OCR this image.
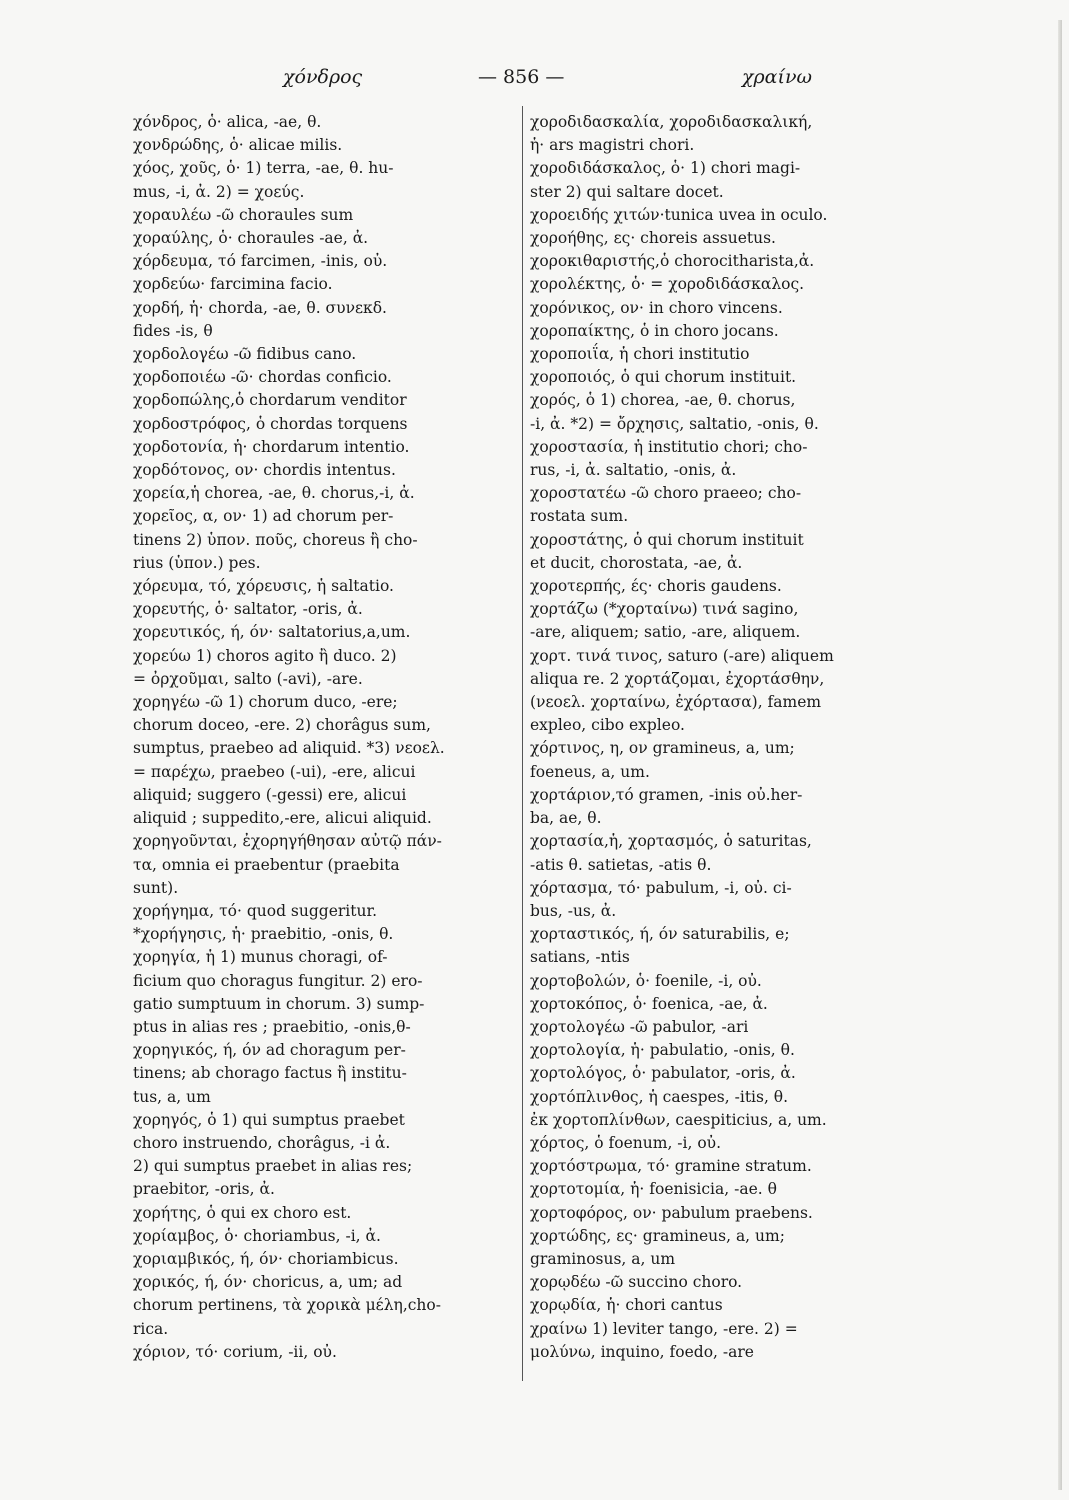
χόνδρος	— 856 —	χραίνω
χόνδρος, ὁ· alica, -ae, θ.
χονδρώδης, ὁ· alicae milis.
χόος, χοῦς, ὁ· 1) terra, -ae, θ. hu-
mus, -i, ἀ. 2) = χοεύς.
χοραυλέω -ῶ choraules sum
χοραύλης, ὁ· choraules -ae, ἀ.
χόρδευμα, τό farcimen, -inis, οὐ.
χορδεύω· farcimina facio.
χορδή, ἡ· chorda, -ae, θ. συνεκδ.
fides -is, θ
χορδολογέω -ῶ fidibus cano.
χορδοποιέω -ῶ· chordas conficio.
χορδοπώλης,ὁ chordarum venditor
χορδοστρόφος, ὁ chordas torquens
χορδοτονία, ἡ· chordarum intentio.
χορδότονος, ον· chordis intentus.
χορεία,ἡ chorea, -ae, θ. chorus,-i, ἀ.
χορεῖος, α, ον· 1) ad chorum per-
tinens 2) ὑπον. ποῦς, choreus ἢ cho-
rius (ὑπον.) pes.
χόρευμα, τό, χόρευσις, ἡ saltatio.
χορευτής, ὁ· saltator, -oris, ἀ.
χορευτικός, ή, όν· saltatorius,a,um.
χορεύω 1) choros agito ἢ duco. 2)
= ὀρχοῦμαι, salto (-avi), -are.
χορηγέω -ῶ 1) chorum duco, -ere;
chorum doceo, -ere. 2) chorâgus sum,
sumptus, praebeo ad aliquid. *3) νεοελ.
= παρέχω, praebeo (-ui), -ere, alicui
aliquid; suggero (-gessi) ere, alicui
aliquid ; suppedito,-ere, alicui aliquid.
χορηγοῦνται, ἐχορηγήθησαν αὐτῷ πάν-
τα, omnia ei praebentur (praebita
sunt).
χορήγημα, τό· quod suggeritur.
*χορήγησις, ἡ· praebitio, -onis, θ.
χορηγία, ἡ 1) munus choragi, of-
ficium quo choragus fungitur. 2) ero-
gatio sumptuum in chorum. 3) sump-
ptus in alias res ; praebitio, -onis,θ-
χορηγικός, ή, όν ad choragum per-
tinens; ab chorago factus ἢ institu-
tus, a, um
χορηγός, ὁ 1) qui sumptus praebet
choro instruendo, chorâgus, -i ἀ.
2) qui sumptus praebet in alias res;
praebitor, -oris, ἀ.
χορήτης, ὁ qui ex choro est.
χορίαμβος, ὁ· choriambus, -i, ἀ.
χοριαμβικός, ή, όν· choriambicus.
χορικός, ή, όν· choricus, a, um; ad
chorum pertinens, τὰ χορικὰ μέλη,cho-
rica.
χόριον, τό· corium, -ii, οὐ.
χοροδιδασκαλία, χοροδιδασκαλική,
ἡ· ars magistri chori.
χοροδιδάσκαλος, ὁ· 1) chori magi-
ster 2) qui saltare docet.
χοροειδής χιτών·tunica uvea in oculo.
χοροήθης, ες· choreis assuetus.
χοροκιθαριστής,ὁ chorocitharista,ἀ.
χορολέκτης, ὁ· = χοροδιδάσκαλος.
χορόνικος, ον· in choro vincens.
χοροπαίκτης, ὁ in choro jocans.
χοροποιΐα, ἡ chori institutio
χοροποιός, ὁ qui chorum instituit.
χορός, ὁ 1) chorea, -ae, θ. chorus,
-i, ἀ. *2) = ὄρχησις, saltatio, -onis, θ.
χοροστασία, ἡ institutio chori; cho-
rus, -i, ἀ. saltatio, -onis, ἀ.
χοροστατέω -ῶ choro praeeo; cho-
rostata sum.
χοροστάτης, ὁ qui chorum instituit
et ducit, chorostata, -ae, ἀ.
χοροτερπής, ές· choris gaudens.
χορτάζω (*χορταίνω) τινά sagino,
-are, aliquem; satio, -are, aliquem.
χορτ. τινά τινος, saturo (-are) aliquem
aliqua re. 2 χορτάζομαι, ἐχορτάσθην,
(νεοελ. χορταίνω, ἐχόρτασα), famem
expleo, cibo expleo.
χόρτινος, η, ον gramineus, a, um;
foeneus, a, um.
χορτάριον,τό gramen, -inis οὐ.her-
ba, ae, θ.
χορτασία,ἡ, χορτασμός, ὁ saturitas,
-atis θ. satietas, -atis θ.
χόρτασμα, τό· pabulum, -i, οὐ. ci-
bus, -us, ἀ.
χορταστικός, ή, όν saturabilis, e;
satians, -ntis
χορτοβολών, ὁ· foenile, -i, οὐ.
χορτοκόπος, ὁ· foenica, -ae, ἀ.
χορτολογέω -ῶ pabulor, -ari
χορτολογία, ἡ· pabulatio, -onis, θ.
χορτολόγος, ὁ· pabulator, -oris, ἀ.
χορτόπλινθος, ἡ caespes, -itis, θ.
ἐκ χορτοπλίνθων, caespiticius, a, um.
χόρτος, ὁ foenum, -i, οὐ.
χορτόστρωμα, τό· gramine stratum.
χορτοτομία, ἡ· foenisicia, -ae. θ
χορτοφόρος, ον· pabulum praebens.
χορτώδης, ες· gramineus, a, um;
graminosus, a, um
χορῳδέω -ῶ succino choro.
χορῳδία, ἡ· chori cantus
χραίνω 1) leviter tango, -ere. 2) =
μολύνω, inquino, foedo, -are
